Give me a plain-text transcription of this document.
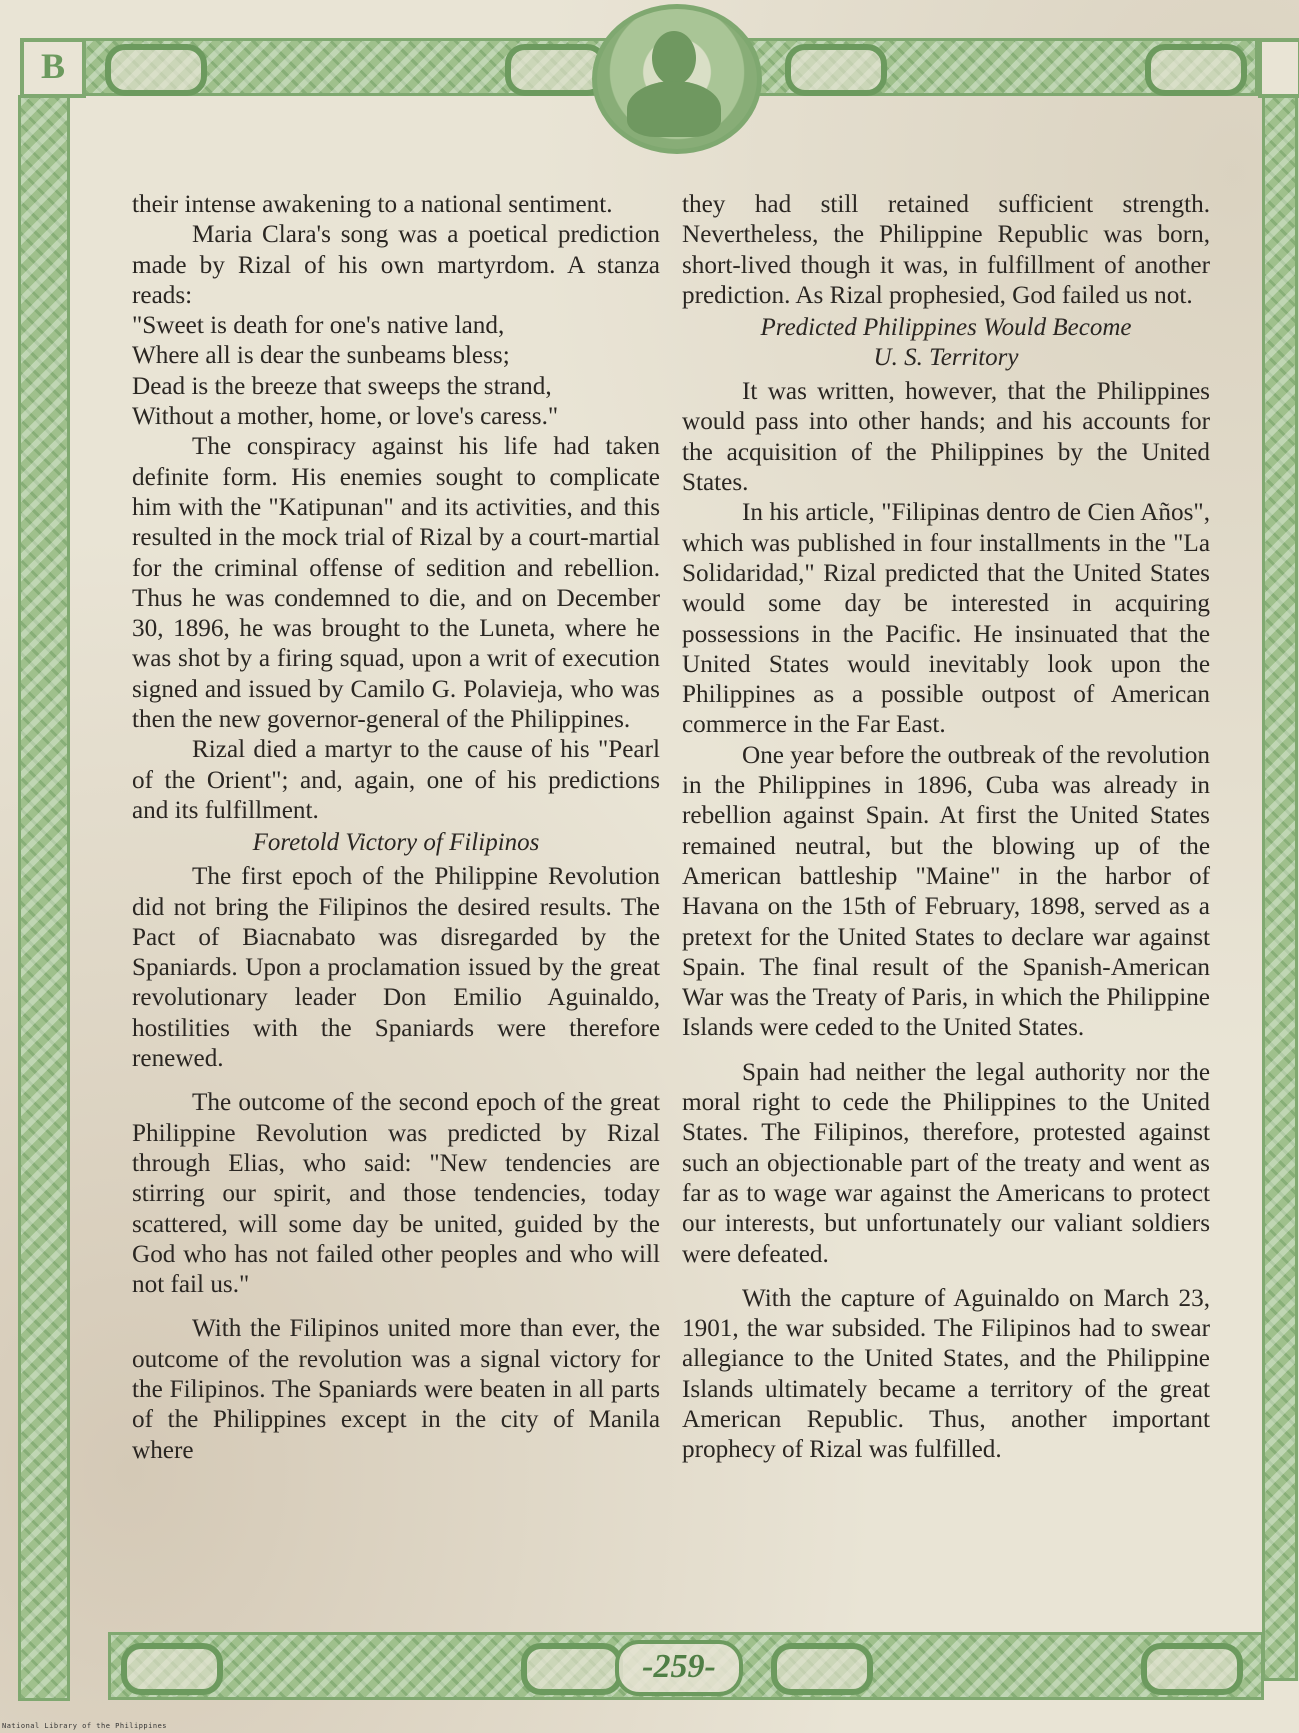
B

their intense awakening to a national sentiment.

Maria Clara's song was a poetical prediction made by Rizal of his own martyrdom. A stanza reads:

"Sweet is death for one's native land,

Where all is dear the sunbeams bless;

Dead is the breeze that sweeps the strand,

Without a mother, home, or love's caress."

The conspiracy against his life had taken definite form. His enemies sought to complicate him with the "Katipunan" and its activities, and this resulted in the mock trial of Rizal by a court-martial for the criminal offense of sedition and rebellion. Thus he was condemned to die, and on December 30, 1896, he was brought to the Luneta, where he was shot by a firing squad, upon a writ of execution signed and issued by Camilo G. Polavieja, who was then the new governor-general of the Philippines.

Rizal died a martyr to the cause of his "Pearl of the Orient"; and, again, one of his predictions and its fulfillment.

Foretold Victory of Filipinos

The first epoch of the Philippine Revolution did not bring the Filipinos the desired results. The Pact of Biacnabato was disregarded by the Spaniards. Upon a proclamation issued by the great revolutionary leader Don Emilio Aguinaldo, hostilities with the Spaniards were therefore renewed.

The outcome of the second epoch of the great Philippine Revolution was predicted by Rizal through Elias, who said: "New tendencies are stirring our spirit, and those tendencies, today scattered, will some day be united, guided by the God who has not failed other peoples and who will not fail us."

With the Filipinos united more than ever, the outcome of the revolution was a signal victory for the Filipinos. The Spaniards were beaten in all parts of the Philippines except in the city of Manila where

they had still retained sufficient strength. Nevertheless, the Philippine Republic was born, short-lived though it was, in fulfillment of another prediction. As Rizal prophesied, God failed us not.

Predicted Philippines Would Become
U. S. Territory

It was written, however, that the Philippines would pass into other hands; and his accounts for the acquisition of the Philippines by the United States.

In his article, "Filipinas dentro de Cien Años", which was published in four installments in the "La Solidaridad," Rizal predicted that the United States would some day be interested in acquiring possessions in the Pacific. He insinuated that the United States would inevitably look upon the Philippines as a possible outpost of American commerce in the Far East.

One year before the outbreak of the revolution in the Philippines in 1896, Cuba was already in rebellion against Spain. At first the United States remained neutral, but the blowing up of the American battleship "Maine" in the harbor of Havana on the 15th of February, 1898, served as a pretext for the United States to declare war against Spain. The final result of the Spanish-American War was the Treaty of Paris, in which the Philippine Islands were ceded to the United States.

Spain had neither the legal authority nor the moral right to cede the Philippines to the United States. The Filipinos, therefore, protested against such an objectionable part of the treaty and went as far as to wage war against the Americans to protect our interests, but unfortunately our valiant soldiers were defeated.

With the capture of Aguinaldo on March 23, 1901, the war subsided. The Filipinos had to swear allegiance to the United States, and the Philippine Islands ultimately became a territory of the great American Republic. Thus, another important prophecy of Rizal was fulfilled.

-259-
National Library of the Philippines
